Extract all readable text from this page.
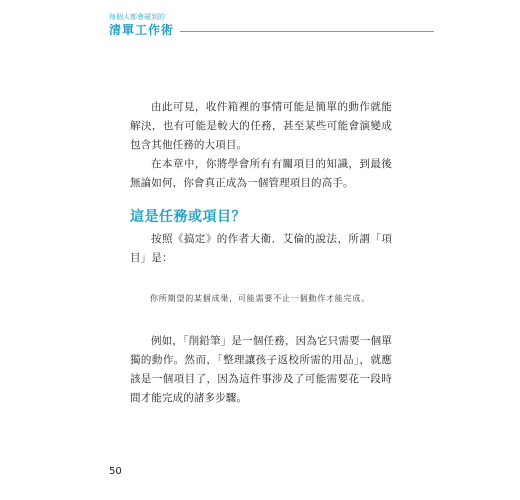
每個人都會碰到的
清單工作術

由此可見，收件箱裡的事情可能是簡單的動作就能解決，也有可能是較大的任務，甚至某些可能會演變成包含其他任務的大項目。

在本章中，你將學會所有有關項目的知識，到最後無論如何，你會真正成為一個管理項目的高手。

這是任務或項目？

按照《搞定》的作者大衛．艾倫的說法，所謂「項目」是：

你所期望的某個成果，可能需要不止一個動作才能完成。

例如，「削鉛筆」是一個任務，因為它只需要一個單獨的動作。然而，「整理讓孩子返校所需的用品」，就應該是一個項目了，因為這件事涉及了可能需要花一段時間才能完成的諸多步驟。

50
